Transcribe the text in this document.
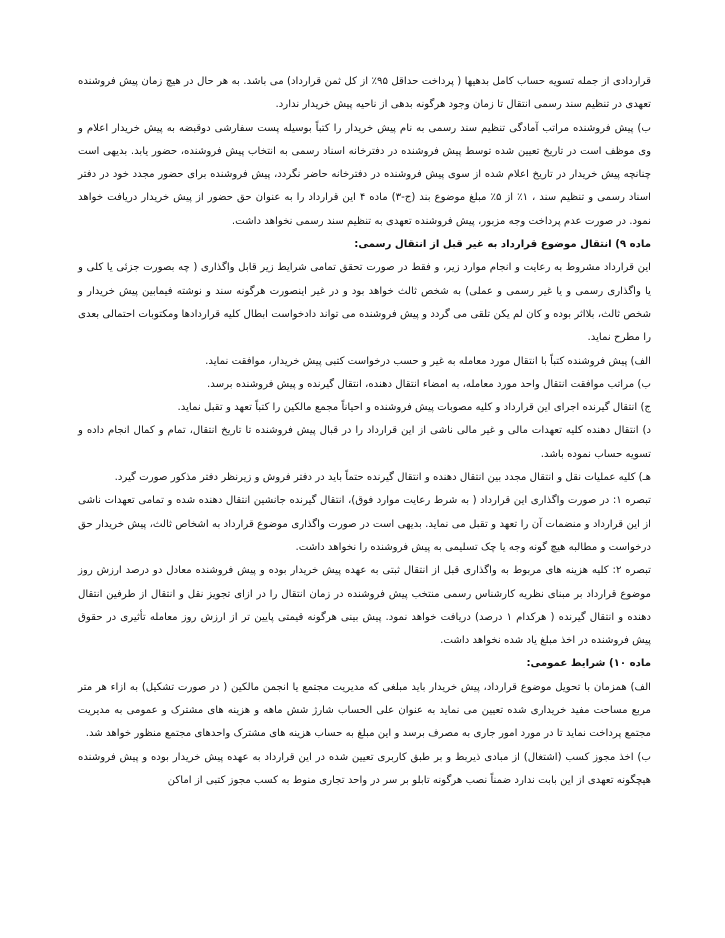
قراردادی از جمله تسویه حساب کامل بدهیها ( پرداخت حداقل ۹۵٪ از کل ثمن قرارداد) می باشد. به هر حال در هیچ زمان پیش فروشنده تعهدی در تنظیم سند رسمی انتقال تا زمان وجود هرگونه بدهی از ناحیه پیش خریدار ندارد.

ب) پیش فروشنده مراتب آمادگی تنظیم سند رسمی به نام پیش خریدار را کتباً بوسیله پست سفارشی دوقبضه به پیش خریدار اعلام و وی موظف است در تاریخ تعیین شده توسط پیش فروشنده در دفترخانه اسناد رسمی به انتخاب پیش فروشنده، حضور یابد. بدیهی است چنانچه پیش خریدار در تاریخ اعلام شده از سوی پیش فروشنده در دفترخانه حاضر نگردد، پیش فروشنده برای حضور مجدد خود در دفتر اسناد رسمی و تنظیم سند ، ۱٪ از ۵٪ مبلغ موضوع بند (ج-۳) ماده ۴ این قرارداد را به عنوان حق حضور از پیش خریدار دریافت خواهد نمود. در صورت عدم پرداخت وجه مزبور، پیش فروشنده تعهدی به تنظیم سند رسمی نخواهد داشت.

ماده ۹) انتقال موضوع قرارداد به غیر قبل از انتقال رسمی:

این قرارداد مشروط به رعایت و انجام موارد زیر، و فقط در صورت تحقق تمامی شرایط زیر قابل واگذاری ( چه بصورت جزئی یا کلی و یا واگذاری رسمی و یا غیر رسمی و عملی) به شخص ثالث خواهد بود و در غیر اینصورت هرگونه سند و نوشته فیمابین پیش خریدار و شخص ثالث، بلااثر بوده و کان لم یکن تلقی می گردد و پیش فروشنده می تواند دادخواست ابطال کلیه قراردادها ومکتوبات احتمالی بعدی را مطرح نماید.

الف) پیش فروشنده کتباً با انتقال مورد معامله به غیر و حسب درخواست کتبی پیش خریدار، موافقت نماید.

ب) مراتب موافقت انتقال واحد مورد معامله، به امضاء انتقال دهنده، انتقال گیرنده و پیش فروشنده برسد.

ج) انتقال گیرنده اجرای این قرارداد و کلیه مصوبات پیش فروشنده و احیاناً مجمع مالکین را کتباً تعهد و تقبل نماید.

د) انتقال دهنده کلیه تعهدات مالی و غیر مالی ناشی از این قرارداد را در قبال پیش فروشنده تا تاریخ انتقال، تمام و کمال انجام داده و تسویه حساب نموده باشد.

هـ) کلیه عملیات نقل و انتقال مجدد بین انتقال دهنده و انتقال گیرنده حتماً باید در دفتر فروش و زیرنظر دفتر مذکور صورت گیرد.

تبصره ۱: در صورت واگذاری این قرارداد ( به شرط رعایت موارد فوق)، انتقال گیرنده جانشین انتقال دهنده شده و تمامی تعهدات ناشی از این قرارداد و منضمات آن را تعهد و تقبل می نماید. بدیهی است در صورت واگذاری موضوع قرارداد به اشخاص ثالث، پیش خریدار حق درخواست و مطالبه هیچ گونه وجه یا چک تسلیمی به پیش فروشنده را نخواهد داشت.

تبصره ۲: کلیه هزینه های مربوط به واگذاری قبل از انتقال ثبتی به عهده پیش خریدار بوده و پیش فروشنده معادل دو درصد ارزش روز موضوع قرارداد بر مبنای نظریه کارشناس رسمی منتخب پیش فروشنده در زمان انتقال را در ازای تجویز نقل و انتقال از طرفین انتقال دهنده و انتقال گیرنده ( هرکدام ۱ درصد) دریافت خواهد نمود. پیش بینی هرگونه قیمتی پایین تر از ارزش روز معامله تأثیری در حقوق پیش فروشنده در اخذ مبلغ یاد شده نخواهد داشت.

ماده ۱۰) شرایط عمومی:

الف) همزمان با تحویل موضوع قرارداد، پیش خریدار باید مبلغی که مدیریت مجتمع یا انجمن مالکین ( در صورت تشکیل) به ازاء هر متر مربع مساحت مفید خریداری شده تعیین می نماید به عنوان علی الحساب شارژ شش ماهه و هزینه های مشترک و عمومی به مدیریت مجتمع پرداخت نماید تا در مورد امور جاری به مصرف برسد و این مبلغ به حساب هزینه های مشترک واحدهای مجتمع منظور خواهد شد.

ب) اخذ مجوز کسب (اشتغال) از مبادی ذیربط و بر طبق کاربری تعیین شده در این قرارداد به عهده پیش خریدار بوده و پیش فروشنده هیچگونه تعهدی از این بابت ندارد ضمناً نصب هرگونه تابلو بر سر در واحد تجاری منوط به کسب مجوز کتبی از اماکن
